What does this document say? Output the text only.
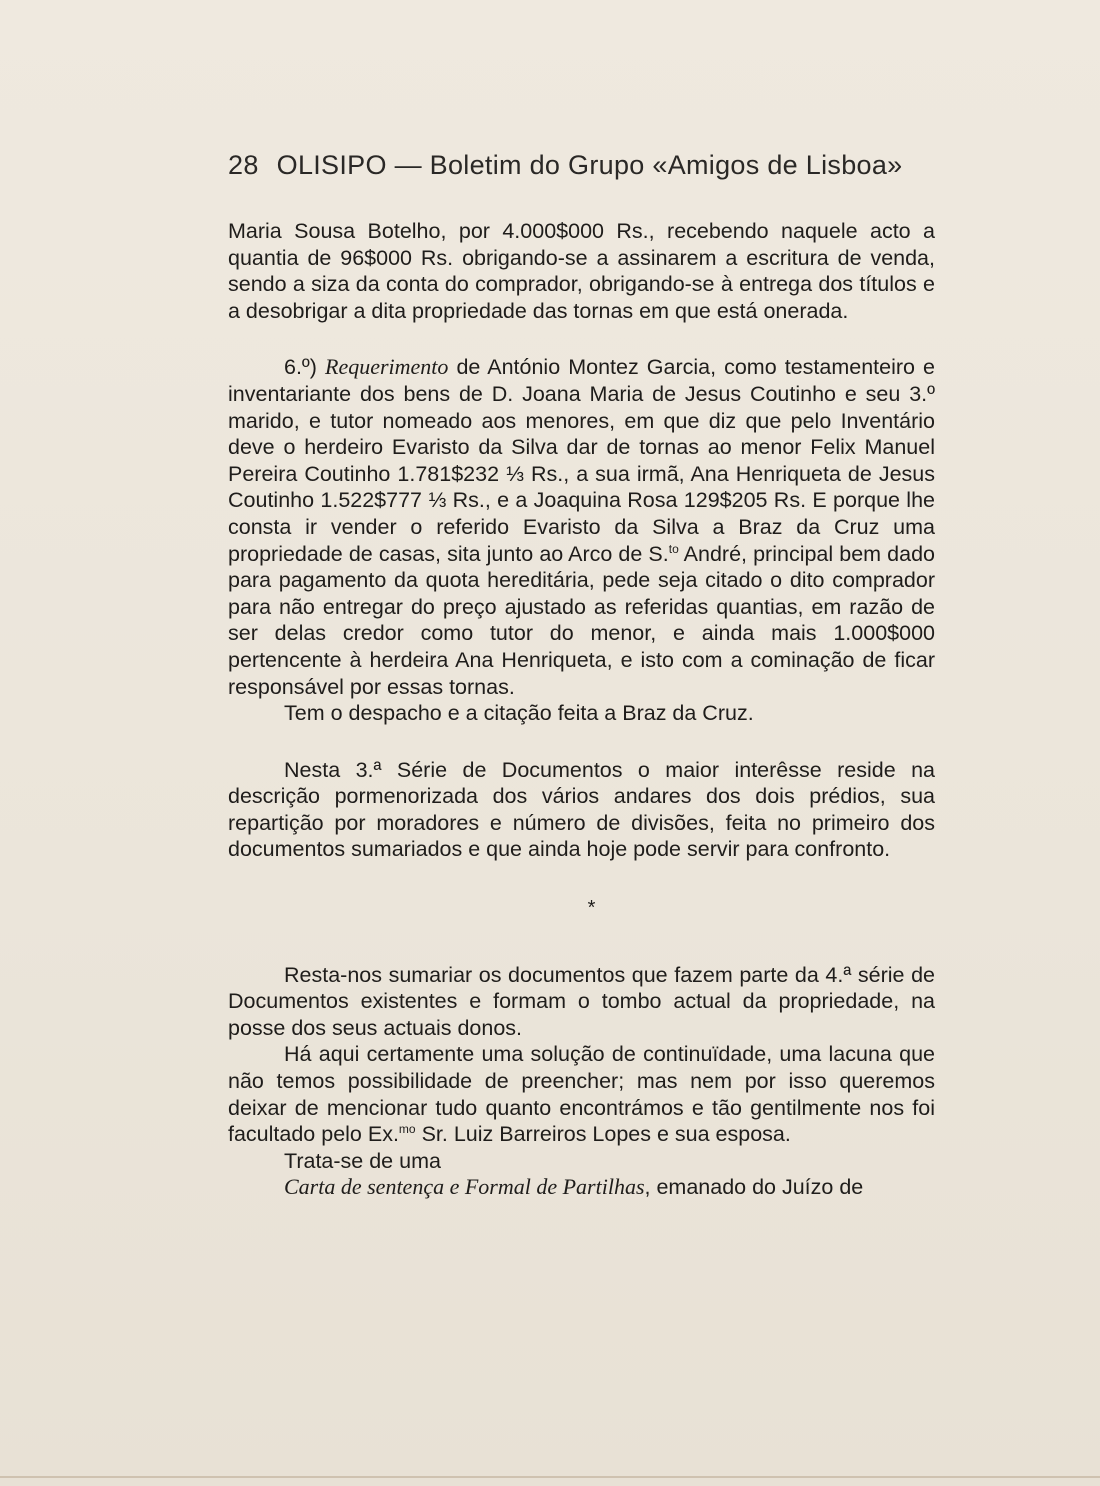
28 OLISIPO — Boletim do Grupo «Amigos de Lisboa»

Maria Sousa Botelho, por 4.000$000 Rs., recebendo naquele acto a quantia de 96$000 Rs. obrigando-se a assinarem a escritura de venda, sendo a siza da conta do comprador, obrigando-se à entrega dos títulos e a desobrigar a dita propriedade das tornas em que está onerada.

6.º) Requerimento de António Montez Garcia, como testamenteiro e inventariante dos bens de D. Joana Maria de Jesus Coutinho e seu 3.º marido, e tutor nomeado aos menores, em que diz que pelo Inventário deve o herdeiro Evaristo da Silva dar de tornas ao menor Felix Manuel Pereira Coutinho 1.781$232 ⅓ Rs., a sua irmã, Ana Henriqueta de Jesus Coutinho 1.522$777 ⅓ Rs., e a Joaquina Rosa 129$205 Rs. E porque lhe consta ir vender o referido Evaristo da Silva a Braz da Cruz uma propriedade de casas, sita junto ao Arco de S.$^{to}$ André, principal bem dado para pagamento da quota hereditária, pede seja citado o dito comprador para não entregar do preço ajustado as referidas quantias, em razão de ser delas credor como tutor do menor, e ainda mais 1.000$000 pertencente à herdeira Ana Henriqueta, e isto com a cominação de ficar responsável por essas tornas.

Tem o despacho e a citação feita a Braz da Cruz.

Nesta 3.ª Série de Documentos o maior interêsse reside na descrição pormenorizada dos vários andares dos dois prédios, sua repartição por moradores e número de divisões, feita no primeiro dos documentos sumariados e que ainda hoje pode servir para confronto.

*

Resta-nos sumariar os documentos que fazem parte da 4.ª série de Documentos existentes e formam o tombo actual da propriedade, na posse dos seus actuais donos.

Há aqui certamente uma solução de continuïdade, uma lacuna que não temos possibilidade de preencher; mas nem por isso queremos deixar de mencionar tudo quanto encontrámos e tão gentilmente nos foi facultado pelo Ex.$^{mo}$ Sr. Luiz Barreiros Lopes e sua esposa.

Trata-se de uma

Carta de sentença e Formal de Partilhas, emanado do Juízo de
